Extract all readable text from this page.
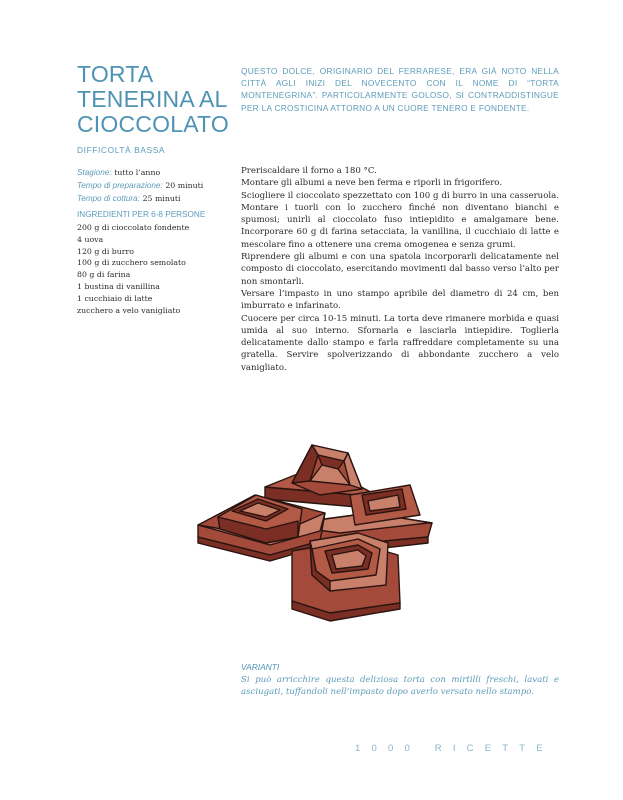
TORTA
TENERINA AL
CIOCCOLATO
DIFFICOLTÀ BASSA
Stagione: tutto l’anno
Tempo di preparazione: 20 minuti
Tempo di cottura: 25 minuti
INGREDIENTI PER 6-8 PERSONE
200 g di cioccolato fondente
4 uova
120 g di burro
100 g di zucchero semolato
80 g di farina
1 bustina di vanillina
1 cucchiaio di latte
zucchero a velo vanigliato

QUESTO DOLCE, ORIGINARIO DEL FERRARESE, ERA GIÀ NOTO NELLA CITTÀ AGLI INIZI DEL NOVECENTO CON IL NOME DI “TORTA MONTENEGRINA”. PARTICOLARMENTE GOLOSO, SI CONTRADDISTINGUE PER LA CROSTICINA ATTORNO A UN CUORE TENERO E FONDENTE.

Preriscaldare il forno a 180 °C.

Montare gli albumi a neve ben ferma e riporli in frigorifero.

Sciogliere il cioccolato spezzettato con 100 g di burro in una casseruola. Montare i tuorli con lo zucchero finché non diventano bianchi e spumosi; unirli al cioccolato fuso intiepidito e amalgamare bene. Incorporare 60 g di farina setacciata, la vanillina, il cucchiaio di latte e mescolare fino a ottenere una crema omogenea e senza grumi.

Riprendere gli albumi e con una spatola incorporarli delicatamente nel composto di cioccolato, esercitando movimenti dal basso verso l’alto per non smontarli.

Versare l’impasto in uno stampo apribile del diametro di 24 cm, ben imburrato e infarinato.

Cuocere per circa 10-15 minuti. La torta deve rimanere morbida e quasi umida al suo interno. Sfornarla e lasciarla intiepidire. Toglierla delicatamente dallo stampo e farla raffreddare completamente su una gratella. Servire spolverizzando di abbondante zucchero a velo vanigliato.

VARIANTI

Si può arricchire questa deliziosa torta con mirtilli freschi, lavati e asciugati, tuffandoli nell’impasto dopo averlo versato nello stampo.

1000 RICETTE
